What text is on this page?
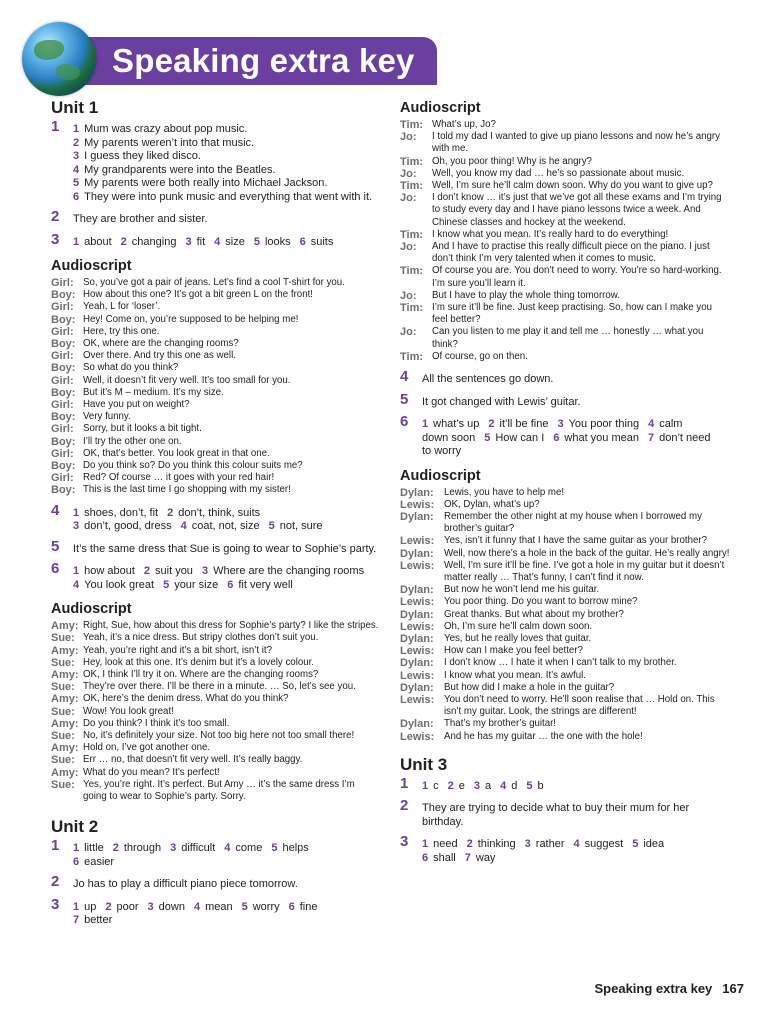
Speaking extra key
Unit 1
1 1 Mum was crazy about pop music.
2 My parents weren’t into that music.
3 I guess they liked disco.
4 My grandparents were into the Beatles.
5 My parents were both really into Michael Jackson.
6 They were into punk music and everything that went with it.
2 They are brother and sister.
3 1 about 2 changing 3 fit 4 size 5 looks 6 suits
Audioscript
Girl: So, you’ve got a pair of jeans. Let’s find a cool T-shirt for you.
Boy: How about this one? It’s got a bit green L on the front!
Girl: Yeah, L for ‘loser’.
Boy: Hey! Come on, you’re supposed to be helping me!
Girl: Here, try this one.
Boy: OK, where are the changing rooms?
Girl: Over there. And try this one as well.
Boy: So what do you think?
Girl: Well, it doesn’t fit very well. It’s too small for you.
Boy: But it’s M – medium. It’s my size.
Girl: Have you put on weight?
Boy: Very funny.
Girl: Sorry, but it looks a bit tight.
Boy: I’ll try the other one on.
Girl: OK, that’s better. You look great in that one.
Boy: Do you think so? Do you think this colour suits me?
Girl: Red? Of course … it goes with your red hair!
Boy: This is the last time I go shopping with my sister!
4 1 shoes, don’t, fit 2 don’t, think, suits
3 don’t, good, dress 4 coat, not, size 5 not, sure
5 It’s the same dress that Sue is going to wear to Sophie’s party.
6 1 how about 2 suit you 3 Where are the changing rooms
4 You look great 5 your size 6 fit very well
Audioscript
Amy: Right, Sue, how about this dress for Sophie’s party? I like the stripes.
Sue: Yeah, it’s a nice dress. But stripy clothes don’t suit you.
Amy: Yeah, you’re right and it’s a bit short, isn’t it?
Sue: Hey, look at this one. It’s denim but it’s a lovely colour.
Amy: OK, I think I’ll try it on. Where are the changing rooms?
Sue: They’re over there. I’ll be there in a minute. … So, let’s see you.
Amy: OK, here’s the denim dress. What do you think?
Sue: Wow! You look great!
Amy: Do you think? I think it’s too small.
Sue: No, it’s definitely your size. Not too big here not too small there!
Amy: Hold on, I’ve got another one.
Sue: Err … no, that doesn’t fit very well. It’s really baggy.
Amy: What do you mean? It’s perfect!
Sue: Yes, you’re right. It’s perfect. But Amy … it’s the same dress I’m going to wear to Sophie’s party. Sorry.
Unit 2
1 1 little 2 through 3 difficult 4 come 5 helps
6 easier
2 Jo has to play a difficult piano piece tomorrow.
3 1 up 2 poor 3 down 4 mean 5 worry 6 fine
7 better
Audioscript
Tim: What’s up, Jo?
Jo:	I told my dad I wanted to give up piano lessons and now he’s angry with me.
Tim: Oh, you poor thing! Why is he angry?
Jo:	Well, you know my dad … he’s so passionate about music.
Tim: Well, I’m sure he’ll calm down soon. Why do you want to give up?
Jo:	I don’t know … it’s just that we’ve got all these exams and I’m trying to study every day and I have piano lessons twice a week. And Chinese classes and hockey at the weekend.
Tim: I know what you mean. It’s really hard to do everything!
Jo:	And I have to practise this really difficult piece on the piano. I just don’t think I’m very talented when it comes to music.
Tim: Of course you are. You don’t need to worry. You’re so hard-working. I’m sure you’ll learn it.
Jo:	But I have to play the whole thing tomorrow.
Tim: I’m sure it’ll be fine. Just keep practising. So, how can I make you feel better?
Jo:	Can you listen to me play it and tell me … honestly … what you think?
Tim: Of course, go on then.
4 All the sentences go down.
5 It got changed with Lewis’ guitar.
6 1 what’s up 2 it’ll be fine 3 You poor thing 4 calm
down soon 5 How can I 6 what you mean 7 don’t need
to worry
Audioscript
Dylan:	Lewis, you have to help me!
Lewis:	OK, Dylan, what’s up?
Dylan:	Remember the other night at my house when I borrowed my brother’s guitar?
Lewis:	Yes, isn’t it funny that I have the same guitar as your brother?
Dylan:	Well, now there’s a hole in the back of the guitar. He’s really angry!
Lewis:	Well, I’m sure it’ll be fine. I’ve got a hole in my guitar but it doesn’t matter really … That’s funny, I can’t find it now.
Dylan:	But now he won’t lend me his guitar.
Lewis:	You poor thing. Do you want to borrow mine?
Dylan:	Great thanks. But what about my brother?
Lewis:	Oh, I’m sure he’ll calm down soon.
Dylan:	Yes, but he really loves that guitar.
Lewis:	How can I make you feel better?
Dylan:	I don’t know … I hate it when I can’t talk to my brother.
Lewis:	I know what you mean. It’s awful.
Dylan:	But how did I make a hole in the guitar?
Lewis:	You don’t need to worry. He’ll soon realise that … Hold on. This isn’t my guitar. Look, the strings are different!
Dylan:	That’s my brother’s guitar!
Lewis:	And he has my guitar … the one with the hole!
Unit 3
1 1 c 2 e 3 a 4 d 5 b
2 They are trying to decide what to buy their mum for her birthday.
3 1 need 2 thinking 3 rather 4 suggest 5 idea
6 shall 7 way
Speaking extra key 167
